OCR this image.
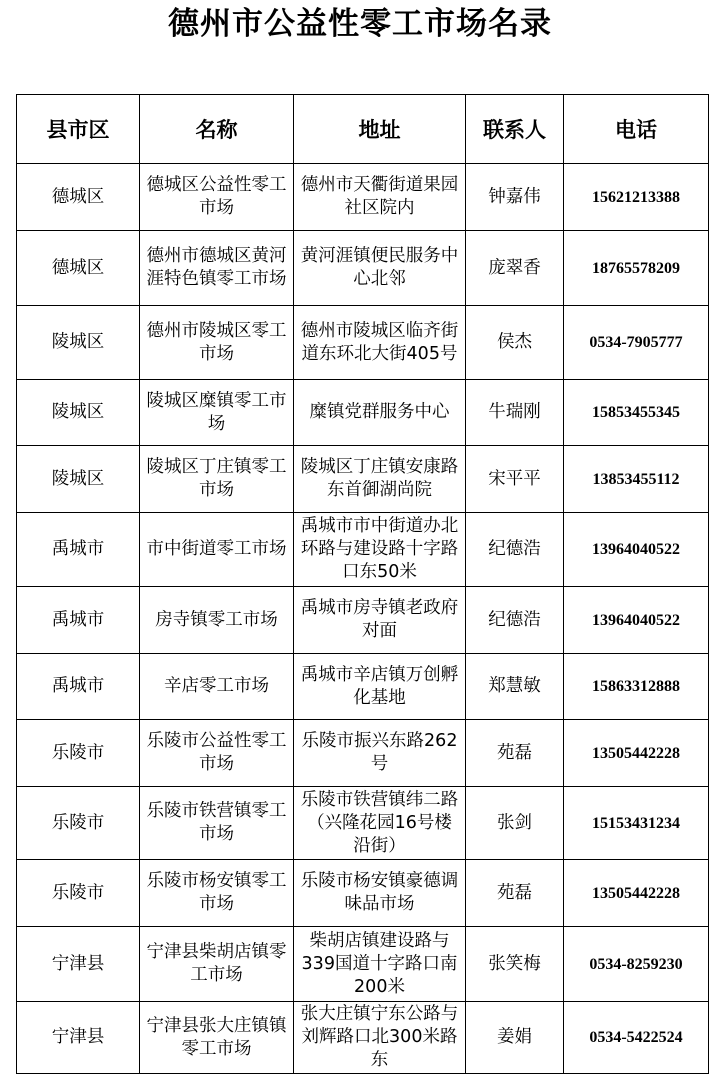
德州市公益性零工市场名录
县市区	名称	地址	联系人	电话
德城区	德城区公益性零工市场	德州市天衢街道果园社区院内	钟嘉伟	15621213388
德城区	德州市德城区黄河涯特色镇零工市场	黄河涯镇便民服务中心北邻	庞翠香	18765578209
陵城区	德州市陵城区零工市场	德州市陵城区临齐街道东环北大街405号	侯杰	0534-7905777
陵城区	陵城区糜镇零工市场	糜镇党群服务中心	牛瑞刚	15853455345
陵城区	陵城区丁庄镇零工市场	陵城区丁庄镇安康路东首御湖尚院	宋平平	13853455112
禹城市	市中街道零工市场	禹城市市中街道办北环路与建设路十字路口东50米	纪德浩	13964040522
禹城市	房寺镇零工市场	禹城市房寺镇老政府对面	纪德浩	13964040522
禹城市	辛店零工市场	禹城市辛店镇万创孵化基地	郑慧敏	15863312888
乐陵市	乐陵市公益性零工市场	乐陵市振兴东路262号	苑磊	13505442228
乐陵市	乐陵市铁营镇零工市场	乐陵市铁营镇纬二路（兴隆花园16号楼沿街）	张剑	15153431234
乐陵市	乐陵市杨安镇零工市场	乐陵市杨安镇豪德调味品市场	苑磊	13505442228
宁津县	宁津县柴胡店镇零工市场	柴胡店镇建设路与339国道十字路口南200米	张笑梅	0534-8259230
宁津县	宁津县张大庄镇镇零工市场	张大庄镇宁东公路与刘辉路口北300米路东	姜娟	0534-5422524
